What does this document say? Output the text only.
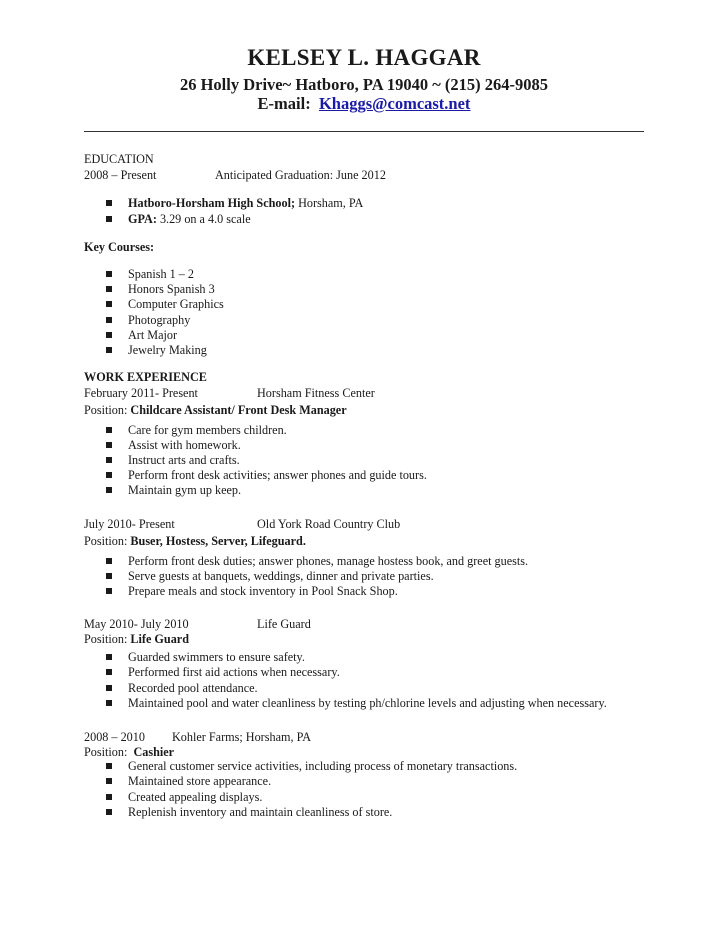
KELSEY L. HAGGAR
26 Holly Drive~ Hatboro, PA 19040 ~ (215) 264-9085
E-mail: Khaggs@comcast.net
EDUCATION
2008 – Present	Anticipated Graduation: June 2012
Hatboro-Horsham High School; Horsham, PA
GPA: 3.29 on a 4.0 scale
Key Courses:
Spanish 1 – 2
Honors Spanish 3
Computer Graphics
Photography
Art Major
Jewelry Making
WORK EXPERIENCE
February 2011- Present	Horsham Fitness Center
Position: Childcare Assistant/ Front Desk Manager
Care for gym members children.
Assist with homework.
Instruct arts and crafts.
Perform front desk activities; answer phones and guide tours.
Maintain gym up keep.
July 2010- Present	Old York Road Country Club
Position: Buser, Hostess, Server, Lifeguard.
Perform front desk duties; answer phones, manage hostess book, and greet guests.
Serve guests at banquets, weddings, dinner and private parties.
Prepare meals and stock inventory in Pool Snack Shop.
May 2010- July 2010	Life Guard
Position: Life Guard
Guarded swimmers to ensure safety.
Performed first aid actions when necessary.
Recorded pool attendance.
Maintained pool and water cleanliness by testing ph/chlorine levels and adjusting when necessary.
2008 – 2010 Kohler Farms; Horsham, PA
Position: Cashier
General customer service activities, including process of monetary transactions.
Maintained store appearance.
Created appealing displays.
Replenish inventory and maintain cleanliness of store.
